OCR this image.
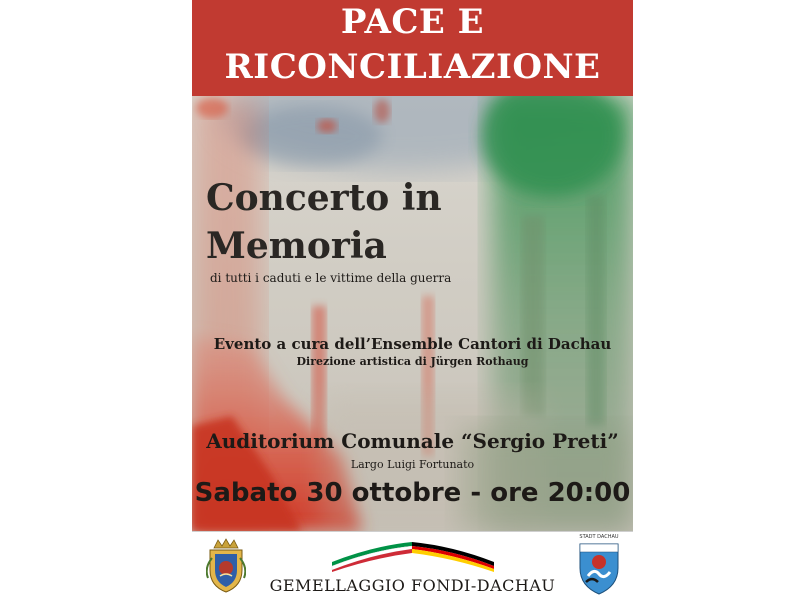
PACE E
RICONCILIAZIONE
Concerto in
Memoria
di tutti i caduti e le vittime della guerra
Evento a cura dell’Ensemble Cantori di Dachau
Direzione artistica di Jürgen Rothaug
Auditorium Comunale “Sergio Preti”
Largo Luigi Fortunato
Sabato 30 ottobre - ore 20:00
STADT DACHAU
GEMELLAGGIO FONDI-DACHAU
